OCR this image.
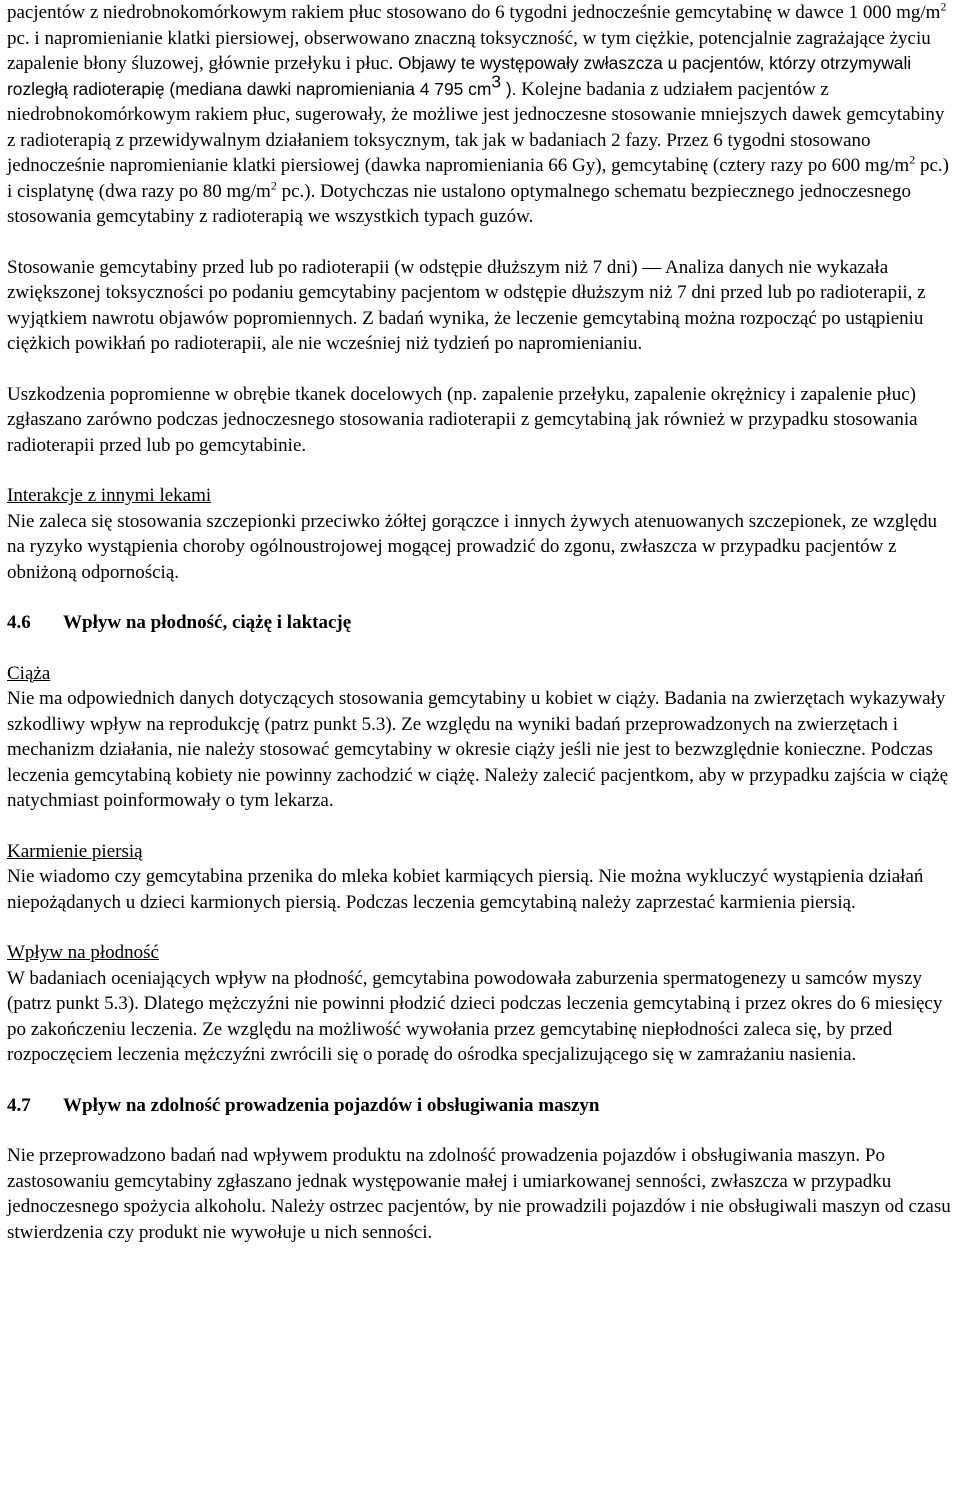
pacjentów z niedrobnokomórkowym rakiem płuc stosowano do 6 tygodni jednocześnie gemcytabinę w dawce 1 000 $mg/m^2$ pc. i napromienianie klatki piersiowej, obserwowano znaczną toksyczność, w tym ciężkie, potencjalnie zagrażające życiu zapalenie błony śluzowej, głównie przełyku i płuc. Objawy te występowały zwłaszcza u pacjentów, którzy otrzymywali rozległą radioterapię (mediana dawki napromieniania 4 795 $cm^3$ ). Kolejne badania z udziałem pacjentów z niedrobnokomórkowym rakiem płuc, sugerowały, że możliwe jest jednoczesne stosowanie mniejszych dawek gemcytabiny z radioterapią z przewidywalnym działaniem toksycznym, tak jak w badaniach 2 fazy. Przez 6 tygodni stosowano jednocześnie napromienianie klatki piersiowej (dawka napromieniania 66 Gy), gemcytabinę (cztery razy po 600 $mg/m^2$ pc.) i cisplatynę (dwa razy po 80 $mg/m^2$ pc.). Dotychczas nie ustalono optymalnego schematu bezpiecznego jednoczesnego stosowania gemcytabiny z radioterapią we wszystkich typach guzów.

Stosowanie gemcytabiny przed lub po radioterapii (w odstępie dłuższym niż 7 dni) ― Analiza danych nie wykazała zwiększonej toksyczności po podaniu gemcytabiny pacjentom w odstępie dłuższym niż 7 dni przed lub po radioterapii, z wyjątkiem nawrotu objawów popromiennych. Z badań wynika, że leczenie gemcytabiną można rozpocząć po ustąpieniu ciężkich powikłań po radioterapii, ale nie wcześniej niż tydzień po napromienianiu.

Uszkodzenia popromienne w obrębie tkanek docelowych (np. zapalenie przełyku, zapalenie okrężnicy i zapalenie płuc) zgłaszano zarówno podczas jednoczesnego stosowania radioterapii z gemcytabiną jak również w przypadku stosowania radioterapii przed lub po gemcytabinie.

Interakcje z innymi lekami

Nie zaleca się stosowania szczepionki przeciwko żółtej gorączce i innych żywych atenuowanych szczepionek, ze względu na ryzyko wystąpienia choroby ogólnoustrojowej mogącej prowadzić do zgonu, zwłaszcza w przypadku pacjentów z obniżoną odpornością.

4.6 Wpływ na płodność, ciążę i laktację

Ciąża

Nie ma odpowiednich danych dotyczących stosowania gemcytabiny u kobiet w ciąży. Badania na zwierzętach wykazywały szkodliwy wpływ na reprodukcję (patrz punkt 5.3). Ze względu na wyniki badań przeprowadzonych na zwierzętach i mechanizm działania, nie należy stosować gemcytabiny w okresie ciąży jeśli nie jest to bezwzględnie konieczne. Podczas leczenia gemcytabiną kobiety nie powinny zachodzić w ciążę. Należy zalecić pacjentkom, aby w przypadku zajścia w ciążę natychmiast poinformowały o tym lekarza.

Karmienie piersią

Nie wiadomo czy gemcytabina przenika do mleka kobiet karmiących piersią. Nie można wykluczyć wystąpienia działań niepożądanych u dzieci karmionych piersią. Podczas leczenia gemcytabiną należy zaprzestać karmienia piersią.

Wpływ na płodność

W badaniach oceniających wpływ na płodność, gemcytabina powodowała zaburzenia spermatogenezy u samców myszy (patrz punkt 5.3). Dlatego mężczyźni nie powinni płodzić dzieci podczas leczenia gemcytabiną i przez okres do 6 miesięcy po zakończeniu leczenia. Ze względu na możliwość wywołania przez gemcytabinę niepłodności zaleca się, by przed rozpoczęciem leczenia mężczyźni zwrócili się o poradę do ośrodka specjalizującego się w zamrażaniu nasienia.

4.7 Wpływ na zdolność prowadzenia pojazdów i obsługiwania maszyn

Nie przeprowadzono badań nad wpływem produktu na zdolność prowadzenia pojazdów i obsługiwania maszyn. Po zastosowaniu gemcytabiny zgłaszano jednak występowanie małej i umiarkowanej senności, zwłaszcza w przypadku jednoczesnego spożycia alkoholu. Należy ostrzec pacjentów, by nie prowadzili pojazdów i nie obsługiwali maszyn od czasu stwierdzenia czy produkt nie wywołuje u nich senności.
